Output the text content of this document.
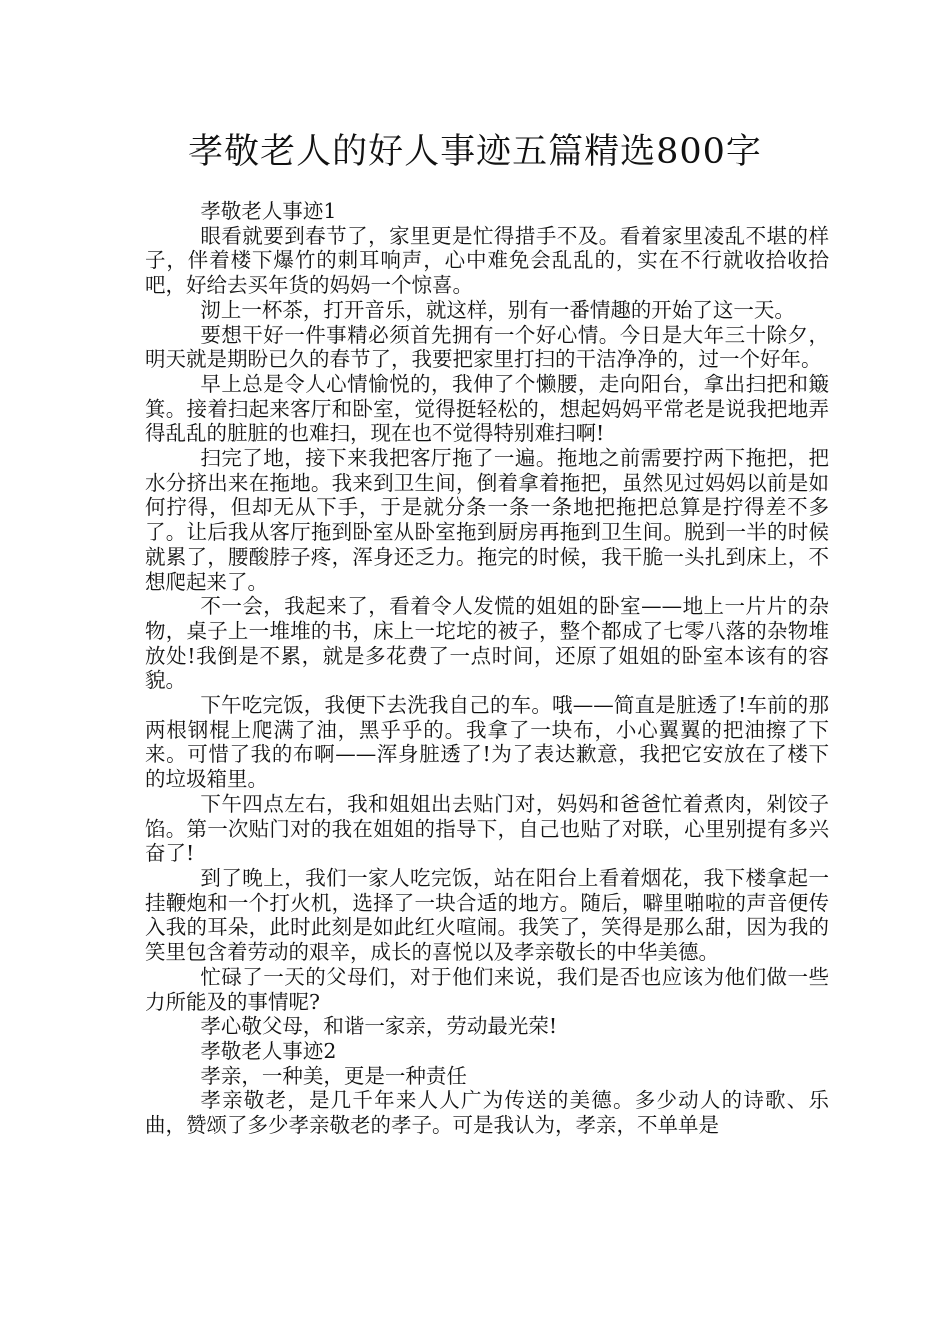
孝敬老人的好人事迹五篇精选800字

孝敬老人事迹1

眼看就要到春节了，家里更是忙得措手不及。看着家里凌乱不堪的样子，伴着楼下爆竹的刺耳响声，心中难免会乱乱的，实在不行就收拾收拾吧，好给去买年货的妈妈一个惊喜。

沏上一杯茶，打开音乐，就这样，别有一番情趣的开始了这一天。

要想干好一件事精必须首先拥有一个好心情。今日是大年三十除夕，明天就是期盼已久的春节了，我要把家里打扫的干洁净净的，过一个好年。

早上总是令人心情愉悦的，我伸了个懒腰，走向阳台，拿出扫把和簸箕。接着扫起来客厅和卧室，觉得挺轻松的，想起妈妈平常老是说我把地弄得乱乱的脏脏的也难扫，现在也不觉得特别难扫啊!

扫完了地，接下来我把客厅拖了一遍。拖地之前需要拧两下拖把，把水分挤出来在拖地。我来到卫生间，倒着拿着拖把，虽然见过妈妈以前是如何拧得，但却无从下手，于是就分条一条一条地把拖把总算是拧得差不多了。让后我从客厅拖到卧室从卧室拖到厨房再拖到卫生间。脱到一半的时候就累了，腰酸脖子疼，浑身还乏力。拖完的时候，我干脆一头扎到床上，不想爬起来了。

不一会，我起来了，看着令人发慌的姐姐的卧室——地上一片片的杂物，桌子上一堆堆的书，床上一坨坨的被子，整个都成了七零八落的杂物堆放处!我倒是不累，就是多花费了一点时间，还原了姐姐的卧室本该有的容貌。

下午吃完饭，我便下去洗我自己的车。哦——简直是脏透了!车前的那两根钢棍上爬满了油，黑乎乎的。我拿了一块布，小心翼翼的把油擦了下来。可惜了我的布啊——浑身脏透了!为了表达歉意，我把它安放在了楼下的垃圾箱里。

下午四点左右，我和姐姐出去贴门对，妈妈和爸爸忙着煮肉，剁饺子馅。第一次贴门对的我在姐姐的指导下，自己也贴了对联，心里别提有多兴奋了!

到了晚上，我们一家人吃完饭，站在阳台上看着烟花，我下楼拿起一挂鞭炮和一个打火机，选择了一块合适的地方。随后，噼里啪啦的声音便传入我的耳朵，此时此刻是如此红火喧闹。我笑了，笑得是那么甜，因为我的笑里包含着劳动的艰辛，成长的喜悦以及孝亲敬长的中华美德。

忙碌了一天的父母们，对于他们来说，我们是否也应该为他们做一些力所能及的事情呢?

孝心敬父母，和谐一家亲，劳动最光荣!

孝敬老人事迹2

孝亲，一种美，更是一种责任

孝亲敬老，是几千年来人人广为传送的美德。多少动人的诗歌、乐曲，赞颂了多少孝亲敬老的孝子。可是我认为，孝亲，不单单是
